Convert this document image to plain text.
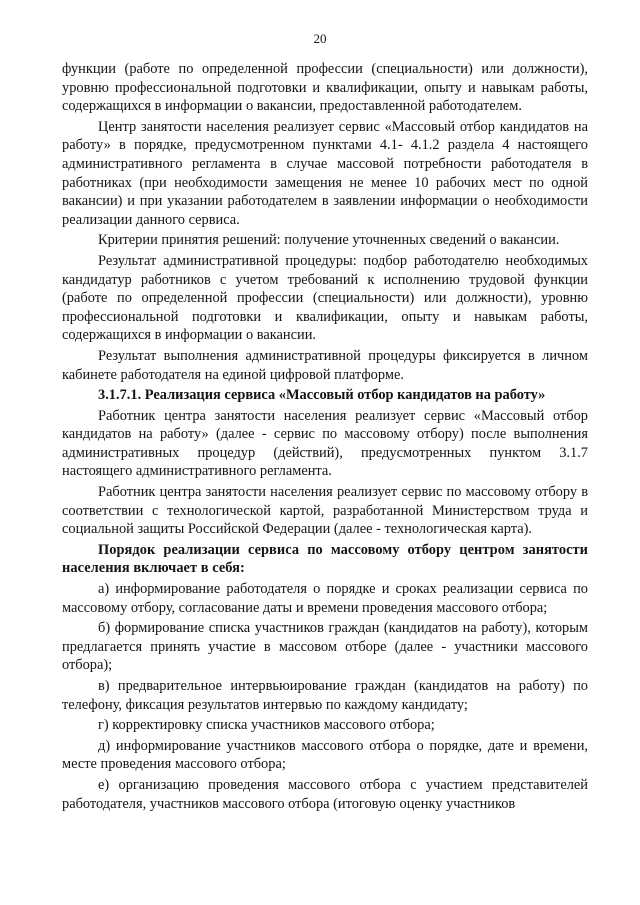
20

функции (работе по определенной профессии (специальности) или должности), уровню профессиональной подготовки и квалификации, опыту и навыкам работы, содержащихся в информации о вакансии, предоставленной работодателем.

Центр занятости населения реализует сервис «Массовый отбор кандидатов на работу» в порядке, предусмотренном пунктами 4.1- 4.1.2 раздела 4 настоящего административного регламента в случае массовой потребности работодателя в работниках (при необходимости замещения не менее 10 рабочих мест по одной вакансии) и при указании работодателем в заявлении информации о необходимости реализации данного сервиса.

Критерии принятия решений: получение уточненных сведений о вакансии.

Результат административной процедуры: подбор работодателю необходимых кандидатур работников с учетом требований к исполнению трудовой функции (работе по определенной профессии (специальности) или должности), уровню профессиональной подготовки и квалификации, опыту и навыкам работы, содержащихся в информации о вакансии.

Результат выполнения административной процедуры фиксируется в личном кабинете работодателя на единой цифровой платформе.

3.1.7.1. Реализация сервиса «Массовый отбор кандидатов на работу»

Работник центра занятости населения реализует сервис «Массовый отбор кандидатов на работу» (далее - сервис по массовому отбору) после выполнения административных процедур (действий), предусмотренных пунктом 3.1.7 настоящего административного регламента.

Работник центра занятости населения реализует сервис по массовому отбору в соответствии с технологической картой, разработанной Министерством труда и социальной защиты Российской Федерации (далее - технологическая карта).

Порядок реализации сервиса по массовому отбору центром занятости населения включает в себя:

а) информирование работодателя о порядке и сроках реализации сервиса по массовому отбору, согласование даты и времени проведения массового отбора;

б) формирование списка участников граждан (кандидатов на работу), которым предлагается принять участие в массовом отборе (далее - участники массового отбора);

в) предварительное интервьюирование граждан (кандидатов на работу) по телефону, фиксация результатов интервью по каждому кандидату;

г) корректировку списка участников массового отбора;

д) информирование участников массового отбора о порядке, дате и времени, месте проведения массового отбора;

е) организацию проведения массового отбора с участием представителей работодателя, участников массового отбора (итоговую оценку участников
